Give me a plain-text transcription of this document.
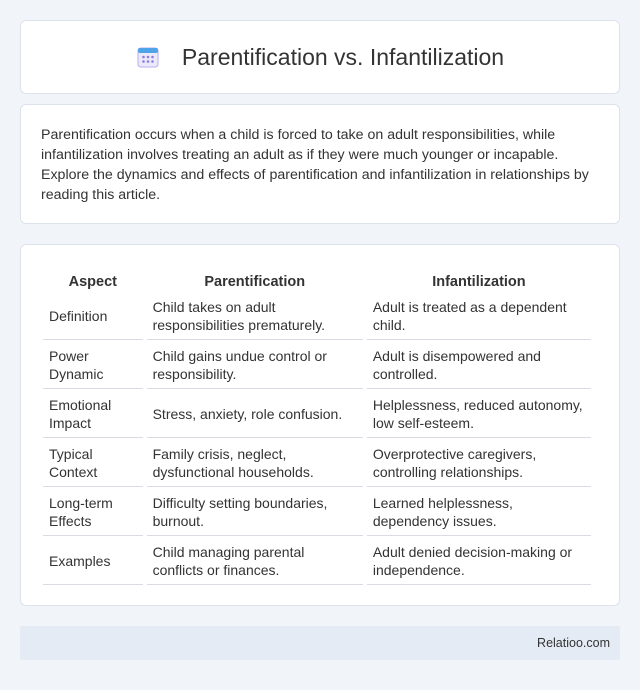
Parentification vs. Infantilization

Parentification occurs when a child is forced to take on adult responsibilities, while infantilization involves treating an adult as if they were much younger or incapable. Explore the dynamics and effects of parentification and infantilization in relationships by reading this article.

Aspect	Parentification	Infantilization
Definition	Child takes on adult responsibilities prematurely.	Adult is treated as a dependent child.
Power Dynamic	Child gains undue control or responsibility.	Adult is disempowered and controlled.
Emotional Impact	Stress, anxiety, role confusion.	Helplessness, reduced autonomy, low self-esteem.
Typical Context	Family crisis, neglect, dysfunctional households.	Overprotective caregivers, controlling relationships.
Long-term Effects	Difficulty setting boundaries, burnout.	Learned helplessness, dependency issues.
Examples	Child managing parental conflicts or finances.	Adult denied decision-making or independence.
Relatioo.com
